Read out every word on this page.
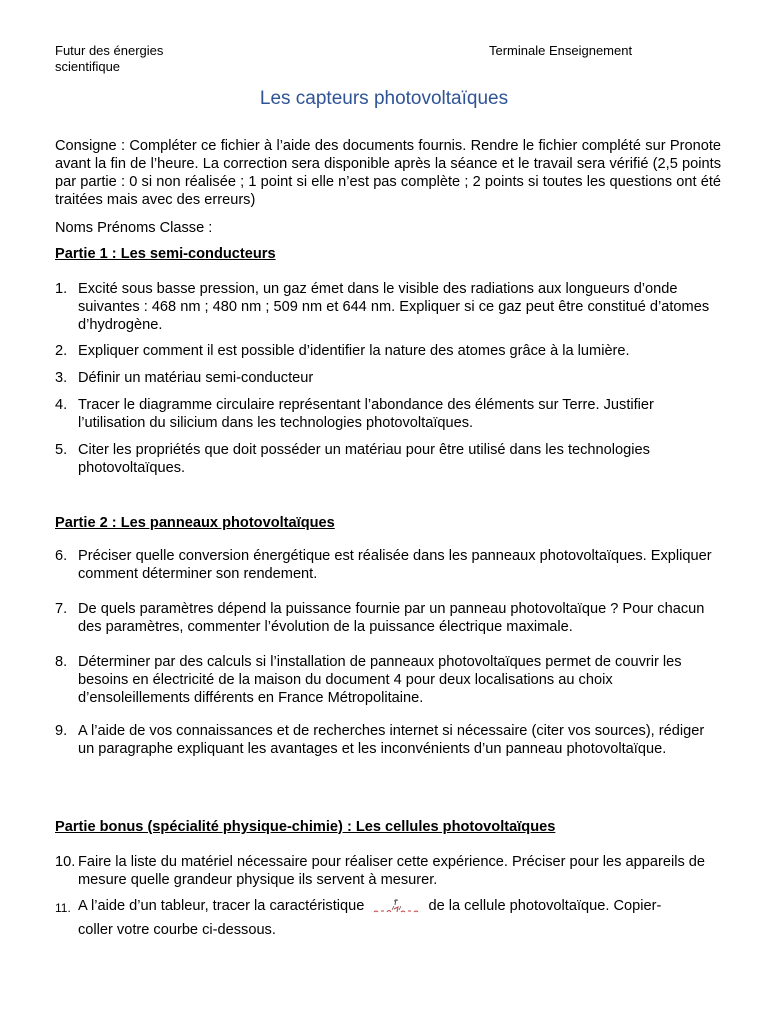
Futur des énergies
scientifique
Terminale Enseignement
Les capteurs photovoltaïques

Consigne : Compléter ce fichier à l’aide des documents fournis. Rendre le fichier complété sur Pronote avant la fin de l’heure. La correction sera disponible après la séance et le travail sera vérifié (2,5 points par partie : 0 si non réalisée ; 1 point si elle n’est pas complète ; 2 points si toutes les questions ont été traitées mais avec des erreurs)

Noms Prénoms Classe :
Partie 1 : Les semi-conducteurs
1. Excité sous basse pression, un gaz émet dans le visible des radiations aux longueurs d’onde suivantes : 468 nm ; 480 nm ; 509 nm et 644 nm. Expliquer si ce gaz peut être constitué d’atomes d’hydrogène.
2. Expliquer comment il est possible d’identifier la nature des atomes grâce à la lumière.
3. Définir un matériau semi-conducteur
4. Tracer le diagramme circulaire représentant l’abondance des éléments sur Terre. Justifier l’utilisation du silicium dans les technologies photovoltaïques.
5. Citer les propriétés que doit posséder un matériau pour être utilisé dans les technologies photovoltaïques.
Partie 2 : Les panneaux photovoltaïques
6. Préciser quelle conversion énergétique est réalisée dans les panneaux photovoltaïques. Expliquer comment déterminer son rendement.
7. De quels paramètres dépend la puissance fournie par un panneau photovoltaïque ? Pour chacun des paramètres, commenter l’évolution de la puissance électrique maximale.
8. Déterminer par des calculs si l’installation de panneaux photovoltaïques permet de couvrir les besoins en électricité de la maison du document 4 pour deux localisations au choix d’ensoleillements différents en France Métropolitaine.
9. A l’aide de vos connaissances et de recherches internet si nécessaire (citer vos sources), rédiger un paragraphe expliquant les avantages et les inconvénients d’un panneau photovoltaïque.
Partie bonus (spécialité physique-chimie) : Les cellules photovoltaïques
10. Faire la liste du matériel nécessaire pour réaliser cette expérience. Préciser pour les appareils de mesure quelle grandeur physique ils servent à mesurer.
11. A l’aide d’un tableur, tracer la caractéristique	de la cellule photovoltaïque. Copier-
coller votre courbe ci-dessous.
